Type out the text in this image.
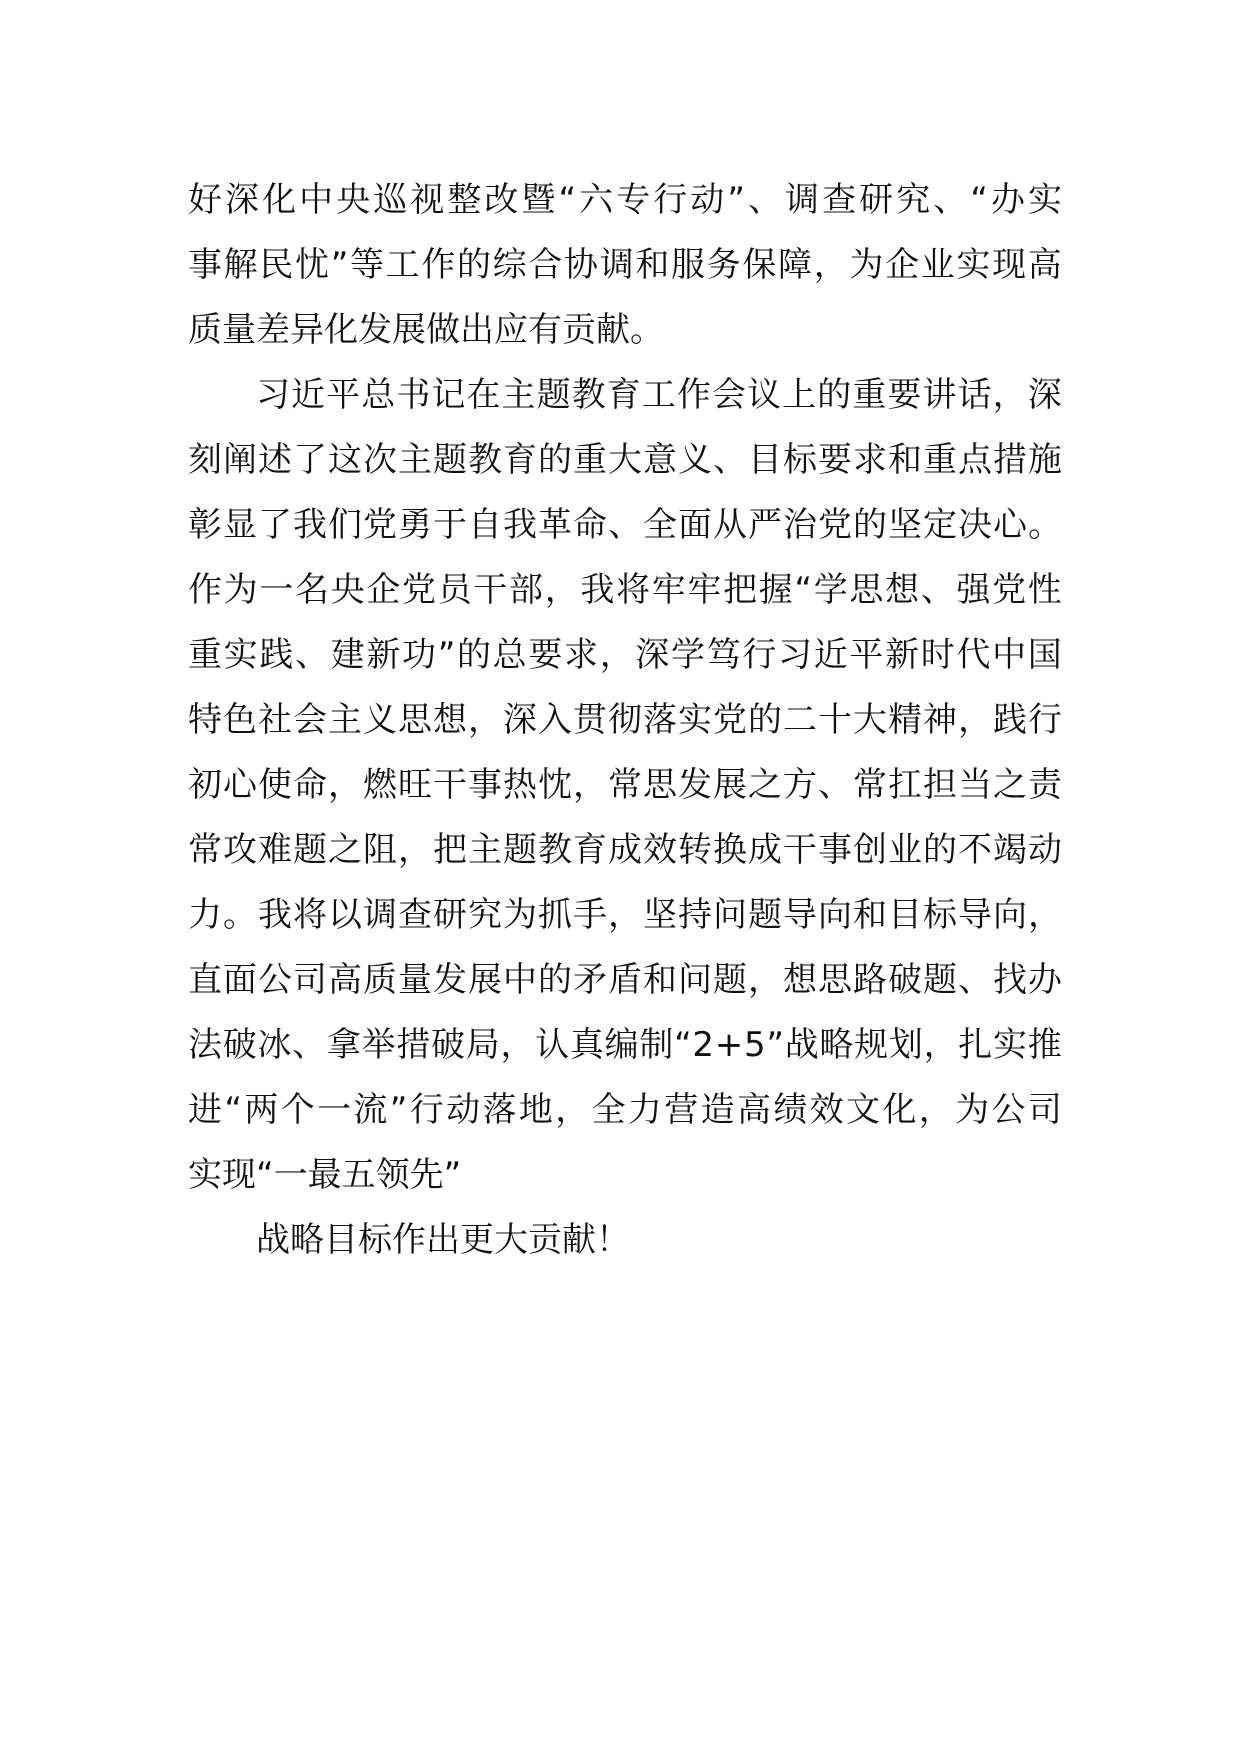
好 深 化 中 央 巡 视 整 改 暨 “ 六 专 行 动 ” 、 调 查 研 究 、 “ 办 实
事 解 民 忧 ” 等 工 作 的 综 合 协 调 和 服 务 保 障 ， 为 企 业 实 现 高
质量差异化发展做出应有贡献。
习 近 平 总 书 记 在 主 题 教 育 工 作 会 议 上 的 重 要 讲 话 ， 深
刻 阐 述 了 这 次 主 题 教 育 的 重 大 意 义 、 目 标 要 求 和 重 点 措 施
彰 显 了 我 们 党 勇 于 自 我 革 命 、 全 面 从 严 治 党 的 坚 定 决 心 。
作 为 一 名 央 企 党 员 干 部 ， 我 将 牢 牢 把 握 “ 学 思 想 、 强 党 性
重 实 践 、 建 新 功 ” 的 总 要 求 ， 深 学 笃 行 习 近 平 新 时 代 中 国
特 色 社 会 主 义 思 想 ， 深 入 贯 彻 落 实 党 的 二 十 大 精 神 ， 践 行
初 心 使 命 ， 燃 旺 干 事 热 忱 ， 常 思 发 展 之 方 、 常 扛 担 当 之 责
常 攻 难 题 之 阻 ， 把 主 题 教 育 成 效 转 换 成 干 事 创 业 的 不 竭 动
力 。 我 将 以 调 查 研 究 为 抓 手 ， 坚 持 问 题 导 向 和 目 标 导 向 ，
直 面 公 司 高 质 量 发 展 中 的 矛 盾 和 问 题 ， 想 思 路 破 题 、 找 办
法 破 冰 、 拿 举 措 破 局 ， 认 真 编 制 “ 2 + 5 ” 战 略 规 划 ， 扎 实 推
进 “ 两 个 一 流 ” 行 动 落 地 ， 全 力 营 造 高 绩 效 文 化 ， 为 公 司
实现“一最五领先”
战略目标作出更大贡献！
